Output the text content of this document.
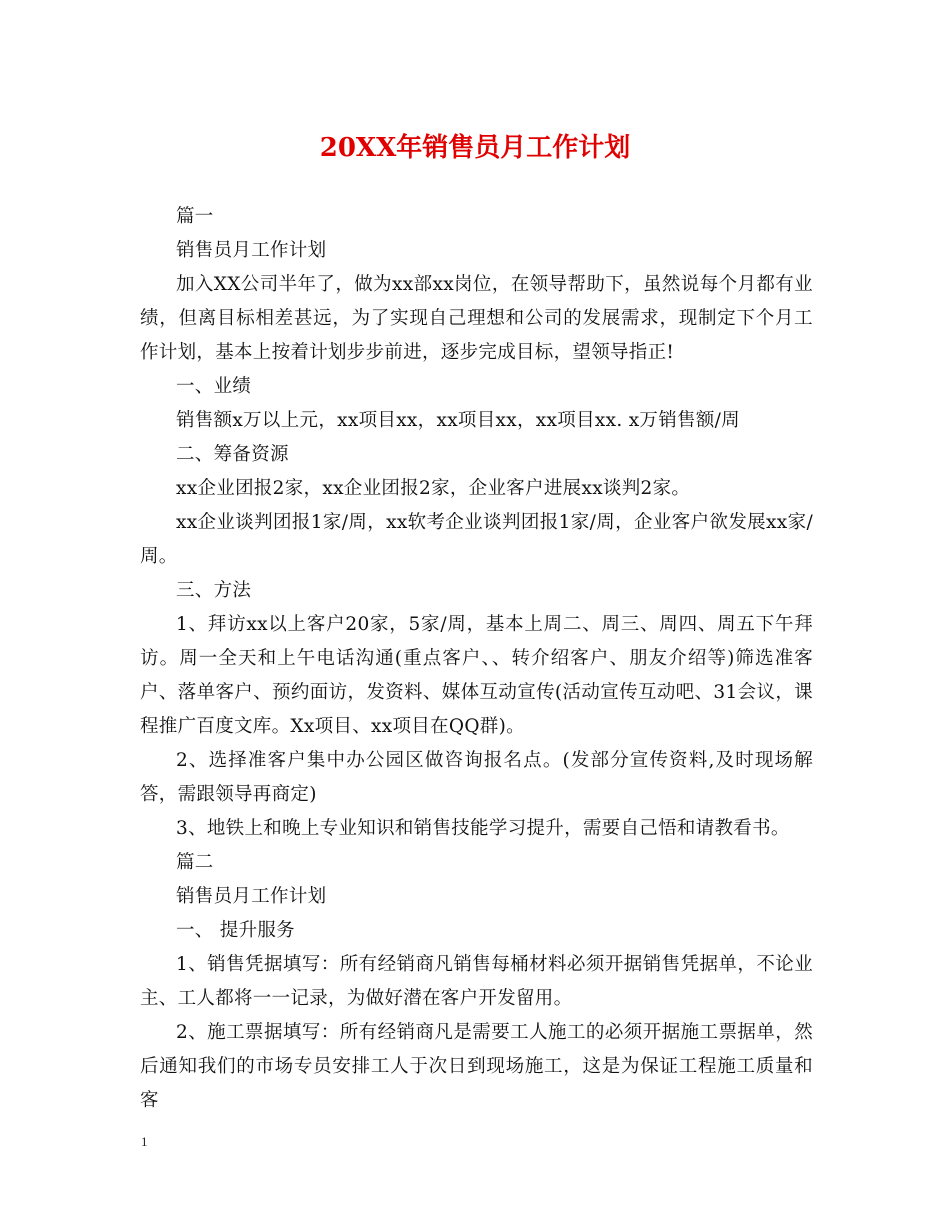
20XX年销售员月工作计划

篇一

销售员月工作计划

加入XX公司半年了，做为xx部xx岗位，在领导帮助下，虽然说每个月都有业绩，但离目标相差甚远，为了实现自己理想和公司的发展需求，现制定下个月工作计划，基本上按着计划步步前进，逐步完成目标，望领导指正!

一、业绩

销售额x万以上元，xx项目xx，xx项目xx，xx项目xx. x万销售额/周

二、筹备资源

xx企业团报2家，xx企业团报2家，企业客户进展xx谈判2家。

xx企业谈判团报1家/周，xx软考企业谈判团报1家/周，企业客户欲发展xx家/周。

三、方法

1、拜访xx以上客户20家，5家/周，基本上周二、周三、周四、周五下午拜访。周一全天和上午电话沟通(重点客户、、转介绍客户、朋友介绍等)筛选准客户、落单客户、预约面访，发资料、媒体互动宣传(活动宣传互动吧、31会议，课程推广百度文库。Xx项目、xx项目在QQ群)。

2、选择准客户集中办公园区做咨询报名点。(发部分宣传资料,及时现场解答，需跟领导再商定)

3、地铁上和晚上专业知识和销售技能学习提升，需要自己悟和请教看书。

篇二

销售员月工作计划

一、 提升服务

1、销售凭据填写：所有经销商凡销售每桶材料必须开据销售凭据单，不论业主、工人都将一一记录，为做好潜在客户开发留用。

2、施工票据填写：所有经销商凡是需要工人施工的必须开据施工票据单，然后通知我们的市场专员安排工人于次日到现场施工，这是为保证工程施工质量和客

1
